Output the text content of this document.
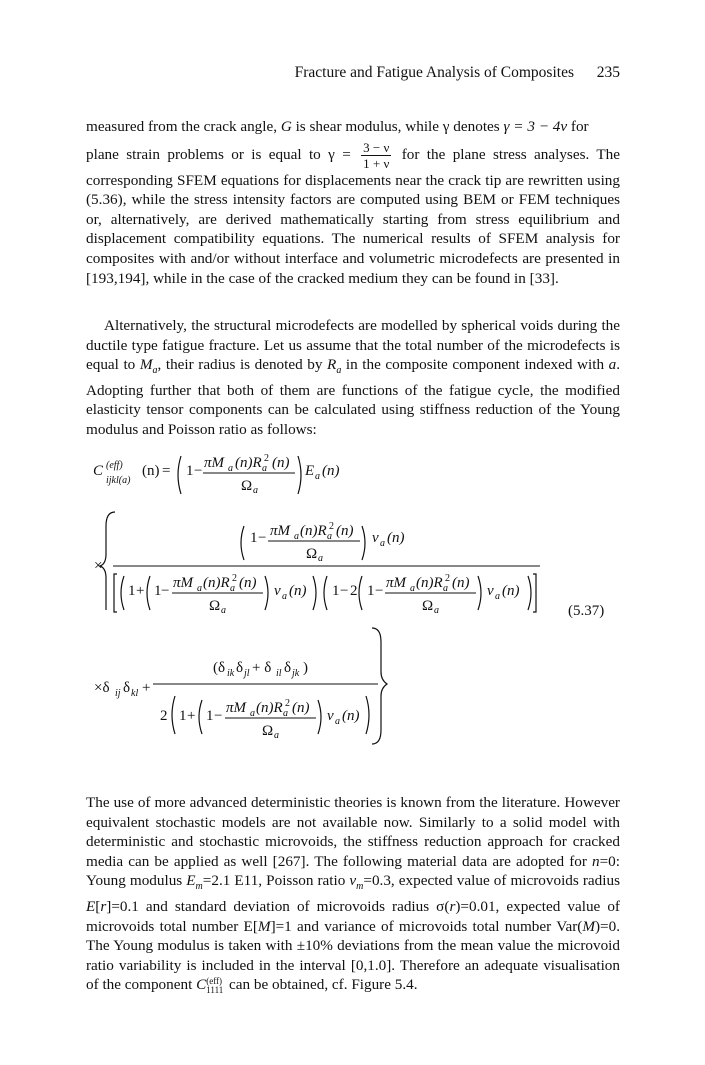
Fracture and Fatigue Analysis of Composites 235

measured from the crack angle, G is shear modulus, while γ denotes γ = 3 − 4ν for

plane strain problems or is equal to $\gamma = \frac{3 - \nu}{1 + \nu}$ for the plane stress analyses. The corresponding SFEM equations for displacements near the crack tip are rewritten using (5.36), while the stress intensity factors are computed using BEM or FEM techniques or, alternatively, are derived mathematically starting from stress equilibrium and displacement compatibility equations. The numerical results of SFEM analysis for composites with and/or without interface and volumetric microdefects are presented in [193,194], while in the case of the cracked medium they can be found in [33].

Alternatively, the structural microdefects are modelled by spherical voids during the ductile type fatigue fracture. Let us assume that the total number of the microdefects is equal to $M_a$, their radius is denoted by $R_a$ in the composite component indexed with a. Adopting further that both of them are functions of the fatigue cycle, the modified elasticity tensor components can be calculated using stiffness reduction of the Young modulus and Poisson ratio as follows:

C (eff)
ijkl(a)
(n) = 1 − πM a (n)R 2
a (n)
Ω a
E a (n)
×
1 − πM a (n)R 2
a (n)
Ω a
ν a (n)
1 + 1 − πM a (n)R 2
a (n)
Ω a
ν a (n) 1 − 2 1 − πM a (n)R 2
a (n)
Ω a
ν a (n)
(5.37)
×δ ij δ kl +
(δ ik δ jl + δ il δ jk )
2 1 + 1 − πM a (n)R 2
a (n)
Ω a
ν a (n)

The use of more advanced deterministic theories is known from the literature. However equivalent stochastic models are not available now. Similarly to a solid model with deterministic and stochastic microvoids, the stiffness reduction approach for cracked media can be applied as well [267]. The following material data are adopted for n=0: Young modulus $E_m=2.1$ E11, Poisson ratio $\nu_m=0.3$, expected value of microvoids radius E[r]=0.1 and standard deviation of microvoids radius σ(r)=0.01, expected value of microvoids total number E[M]=1 and variance of microvoids total number Var(M)=0. The Young modulus is taken with ±10% deviations from the mean value the microvoid ratio variability is included in the interval [0,1.0]. Therefore an adequate visualisation of the component C (eff)
1111 can be obtained, cf. Figure 5.4.
